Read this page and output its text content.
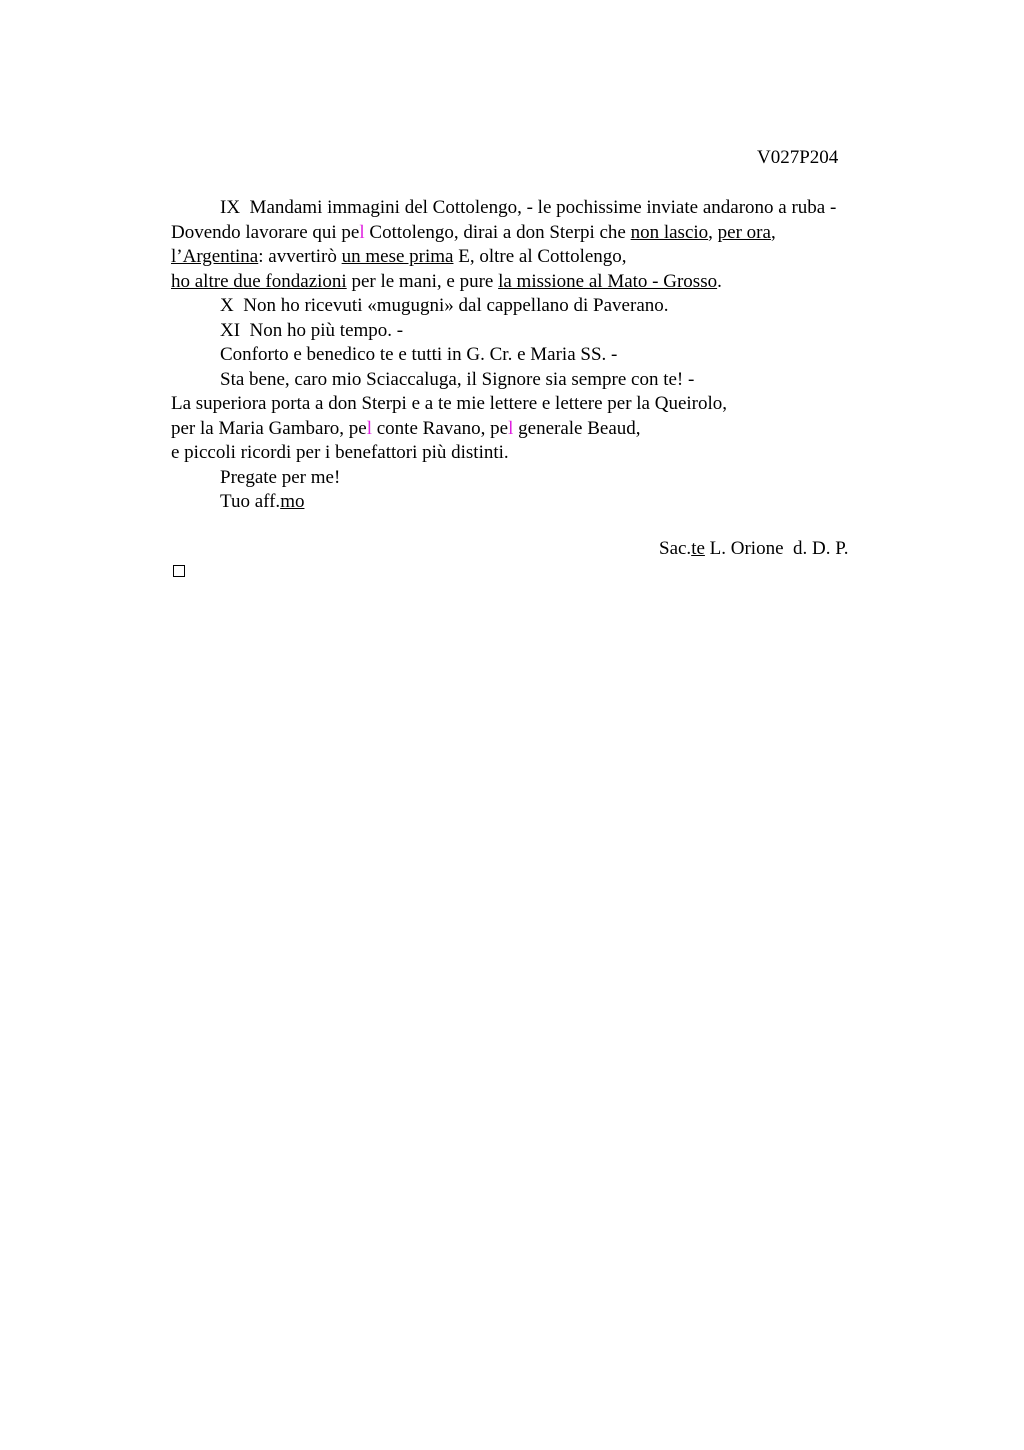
V027P204
IX  Mandami immagini del Cottolengo, - le pochissime inviate andarono a ruba -
Dovendo lavorare qui pel Cottolengo, dirai a don Sterpi che non lascio, per ora,
l’Argentina: avvertirò un mese prima E, oltre al Cottolengo,
ho altre due fondazioni per le mani, e pure la missione al Mato - Grosso.
X  Non ho ricevuti «mugugni» dal cappellano di Paverano.
XI  Non ho più tempo. -
Conforto e benedico te e tutti in G. Cr. e Maria SS. -
Sta bene, caro mio Sciaccaluga, il Signore sia sempre con te! -
La superiora porta a don Sterpi e a te mie lettere e lettere per la Queirolo,
per la Maria Gambaro, pel conte Ravano, pel generale Beaud,
e piccoli ricordi per i benefattori più distinti.
Pregate per me!
Tuo aff.mo
Sac.te L. Orione  d. D. P.
